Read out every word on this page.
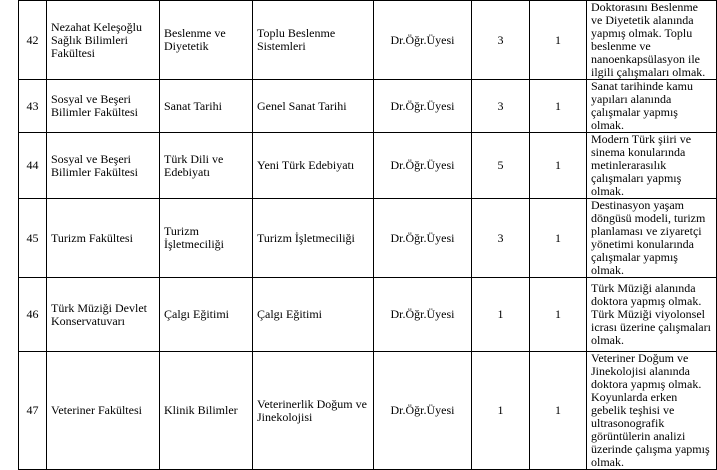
42	Nezahat Keleşoğlu Sağlık Bilimleri Fakültesi	Beslenme ve Diyetetik	Toplu Beslenme Sistemleri	Dr.Öğr.Üyesi	3	1	Doktorasını Beslenme ve Diyetetik alanında yapmış olmak. Toplu beslenme ve nanoenkapsülasyon ile ilgili çalışmaları olmak.
43	Sosyal ve Beşeri Bilimler Fakültesi	Sanat Tarihi	Genel Sanat Tarihi	Dr.Öğr.Üyesi	3	1	Sanat tarihinde kamu yapıları alanında çalışmalar yapmış olmak.
44	Sosyal ve Beşeri Bilimler Fakültesi	Türk Dili ve Edebiyatı	Yeni Türk Edebiyatı	Dr.Öğr.Üyesi	5	1	Modern Türk şiiri ve sinema konularında metinlerarasılık çalışmaları yapmış olmak.
45	Turizm Fakültesi	Turizm İşletmeciliği	Turizm İşletmeciliği	Dr.Öğr.Üyesi	3	1	Destinasyon yaşam döngüsü modeli, turizm planlaması ve ziyaretçi yönetimi konularında çalışmalar yapmış olmak.
46	Türk Müziği Devlet Konservatuvarı	Çalgı Eğitimi	Çalgı Eğitimi	Dr.Öğr.Üyesi	1	1	Türk Müziği alanında doktora yapmış olmak. Türk Müziği viyolonsel icrası üzerine çalışmaları olmak.
47	Veteriner Fakültesi	Klinik Bilimler	Veterinerlik Doğum ve Jinekolojisi	Dr.Öğr.Üyesi	1	1	Veteriner Doğum ve Jinekolojisi alanında doktora yapmış olmak. Koyunlarda erken gebelik teşhisi ve ultrasonografik görüntülerin analizi üzerinde çalışma yapmış olmak.
